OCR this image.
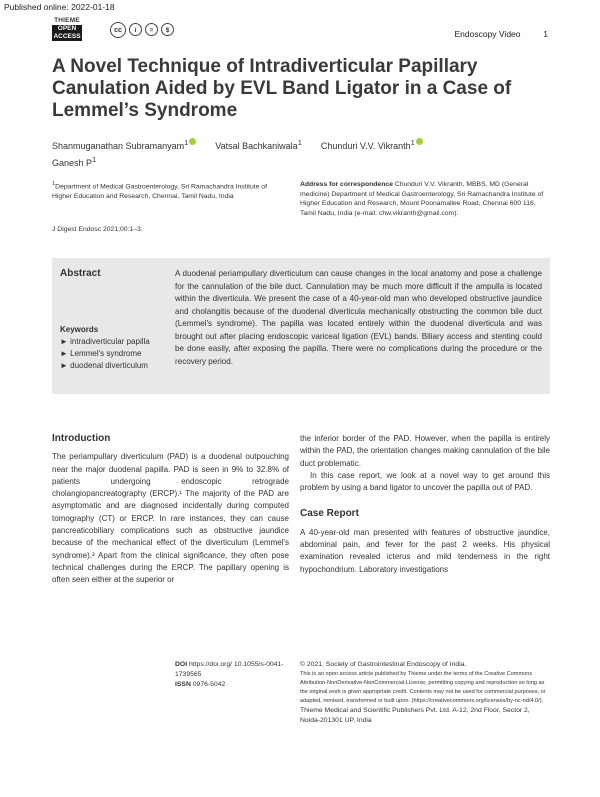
Published online: 2022-01-18
THIEME
OPEN
ACCESS
cc	i	=	$	Endoscopy Video	1
A Novel Technique of Intradiverticular Papillary Canulation Aided by EVL Band Ligator in a Case of Lemmel’s Syndrome
Shanmuganathan Subramanyam$^1$	Vatsal Bachkaniwala$^1$ Chunduri V.V. Vikranth$^1$
Ganesh $P^1$
$^1$Department of Medical Gastroenterology, Sri Ramachandra Institute of Higher Education and Research, Chennai, Tamil Nadu, India
Address for correspondence Chunduri V.V. Vikranth, MBBS, MD (General medicine) Department of Medical Gastroenterology, Sri Ramachandra Institute of Higher Education and Research, Mount Poonamallee Road, Chennai 600 116, Tamil Nadu, India (e-mail: chw.vikranth@gmail.com).
J Digest Endosc 2021;00:1–3.
Abstract
Keywords
► intradiverticular papilla
► Lemmel's syndrome
► duodenal diverticulum
A duodenal periampullary diverticulum can cause changes in the local anatomy and pose a challenge for the cannulation of the bile duct. Cannulation may be much more difficult if the ampulla is located within the diverticula. We present the case of a 40-year-old man who developed obstructive jaundice and cholangitis because of the duodenal diverticula mechanically obstructing the common bile duct (Lemmel's syndrome). The papilla was located entirely within the duodenal diverticula and was brought out after placing endoscopic variceal ligation (EVL) bands. Biliary access and stenting could be done easily, after exposing the papilla. There were no complications during the procedure or the recovery period.
Introduction

The periampullary diverticulum (PAD) is a duodenal outpouching near the major duodenal papilla. PAD is seen in 9% to 32.8% of patients undergoing endoscopic retrograde cholangiopancreatography (ERCP).¹ The majority of the PAD are asymptomatic and are diagnosed incidentally during computed tomography (CT) or ERCP. In rare instances, they can cause pancreaticobiliary complications such as obstructive jaundice because of the mechanical effect of the diverticulum (Lemmel's syndrome).² Apart from the clinical significance, they often pose technical challenges during the ERCP. The papillary opening is often seen either at the superior or

the inferior border of the PAD. However, when the papilla is entirely within the PAD, the orientation changes making cannulation of the bile duct problematic.

In this case report, we look at a novel way to get around this problem by using a band ligator to uncover the papilla out of PAD.

Case Report

A 40-year-old man presented with features of obstructive jaundice, abdominal pain, and fever for the past 2 weeks. His physical examination revealed icterus and mild tenderness in the right hypochondrium. Laboratory investigations

DOI https://doi.org/ 10.1055/s-0041-1739565
ISSN 0976-5042
© 2021. Society of Gastrointestinal Endoscopy of India.
This is an open access article published by Thieme under the terms of the Creative Commons Attribution-NonDerivative-NonCommercial-License, permitting copying and reproduction so long as the original work is given appropriate credit. Contents may not be used for commercial purposes, or adapted, remixed, transformed or built upon. (https://creativecommons.org/licenses/by-nc-nd/4.0/).
Thieme Medical and Scientific Publishers Pvt. Ltd. A-12, 2nd Floor, Sector 2, Noida-201301 UP, India
